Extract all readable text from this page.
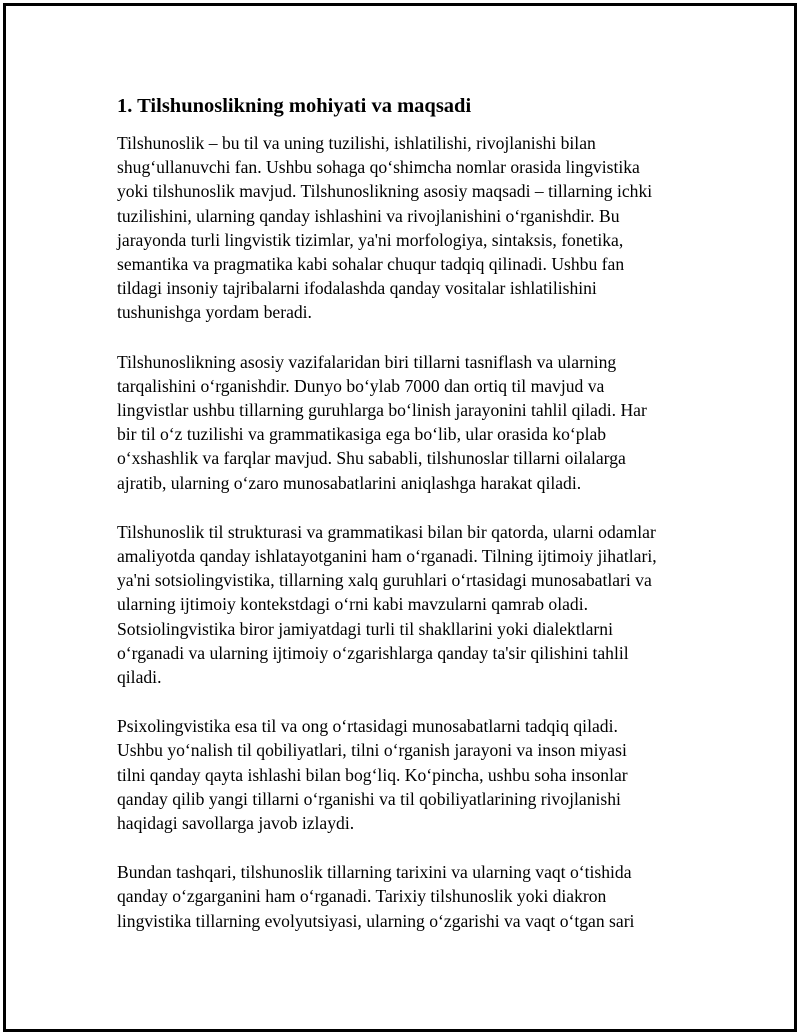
1. Tilshunoslikning mohiyati va maqsadi

Tilshunoslik – bu til va uning tuzilishi, ishlatilishi, rivojlanishi bilan
shug‘ullanuvchi fan. Ushbu sohaga qo‘shimcha nomlar orasida lingvistika
yoki tilshunoslik mavjud. Tilshunoslikning asosiy maqsadi – tillarning ichki
tuzilishini, ularning qanday ishlashini va rivojlanishini o‘rganishdir. Bu
jarayonda turli lingvistik tizimlar, ya'ni morfologiya, sintaksis, fonetika,
semantika va pragmatika kabi sohalar chuqur tadqiq qilinadi. Ushbu fan
tildagi insoniy tajribalarni ifodalashda qanday vositalar ishlatilishini
tushunishga yordam beradi.

Tilshunoslikning asosiy vazifalaridan biri tillarni tasniflash va ularning
tarqalishini o‘rganishdir. Dunyo bo‘ylab 7000 dan ortiq til mavjud va
lingvistlar ushbu tillarning guruhlarga bo‘linish jarayonini tahlil qiladi. Har
bir til o‘z tuzilishi va grammatikasiga ega bo‘lib, ular orasida ko‘plab
o‘xshashlik va farqlar mavjud. Shu sababli, tilshunoslar tillarni oilalarga
ajratib, ularning o‘zaro munosabatlarini aniqlashga harakat qiladi.

Tilshunoslik til strukturasi va grammatikasi bilan bir qatorda, ularni odamlar
amaliyotda qanday ishlatayotganini ham o‘rganadi. Tilning ijtimoiy jihatlari,
ya'ni sotsiolingvistika, tillarning xalq guruhlari o‘rtasidagi munosabatlari va
ularning ijtimoiy kontekstdagi o‘rni kabi mavzularni qamrab oladi.
Sotsiolingvistika biror jamiyatdagi turli til shakllarini yoki dialektlarni
o‘rganadi va ularning ijtimoiy o‘zgarishlarga qanday ta'sir qilishini tahlil
qiladi.

Psixolingvistika esa til va ong o‘rtasidagi munosabatlarni tadqiq qiladi.
Ushbu yo‘nalish til qobiliyatlari, tilni o‘rganish jarayoni va inson miyasi
tilni qanday qayta ishlashi bilan bog‘liq. Ko‘pincha, ushbu soha insonlar
qanday qilib yangi tillarni o‘rganishi va til qobiliyatlarining rivojlanishi
haqidagi savollarga javob izlaydi.

Bundan tashqari, tilshunoslik tillarning tarixini va ularning vaqt o‘tishida
qanday o‘zgarganini ham o‘rganadi. Tarixiy tilshunoslik yoki diakron
lingvistika tillarning evolyutsiyasi, ularning o‘zgarishi va vaqt o‘tgan sari
